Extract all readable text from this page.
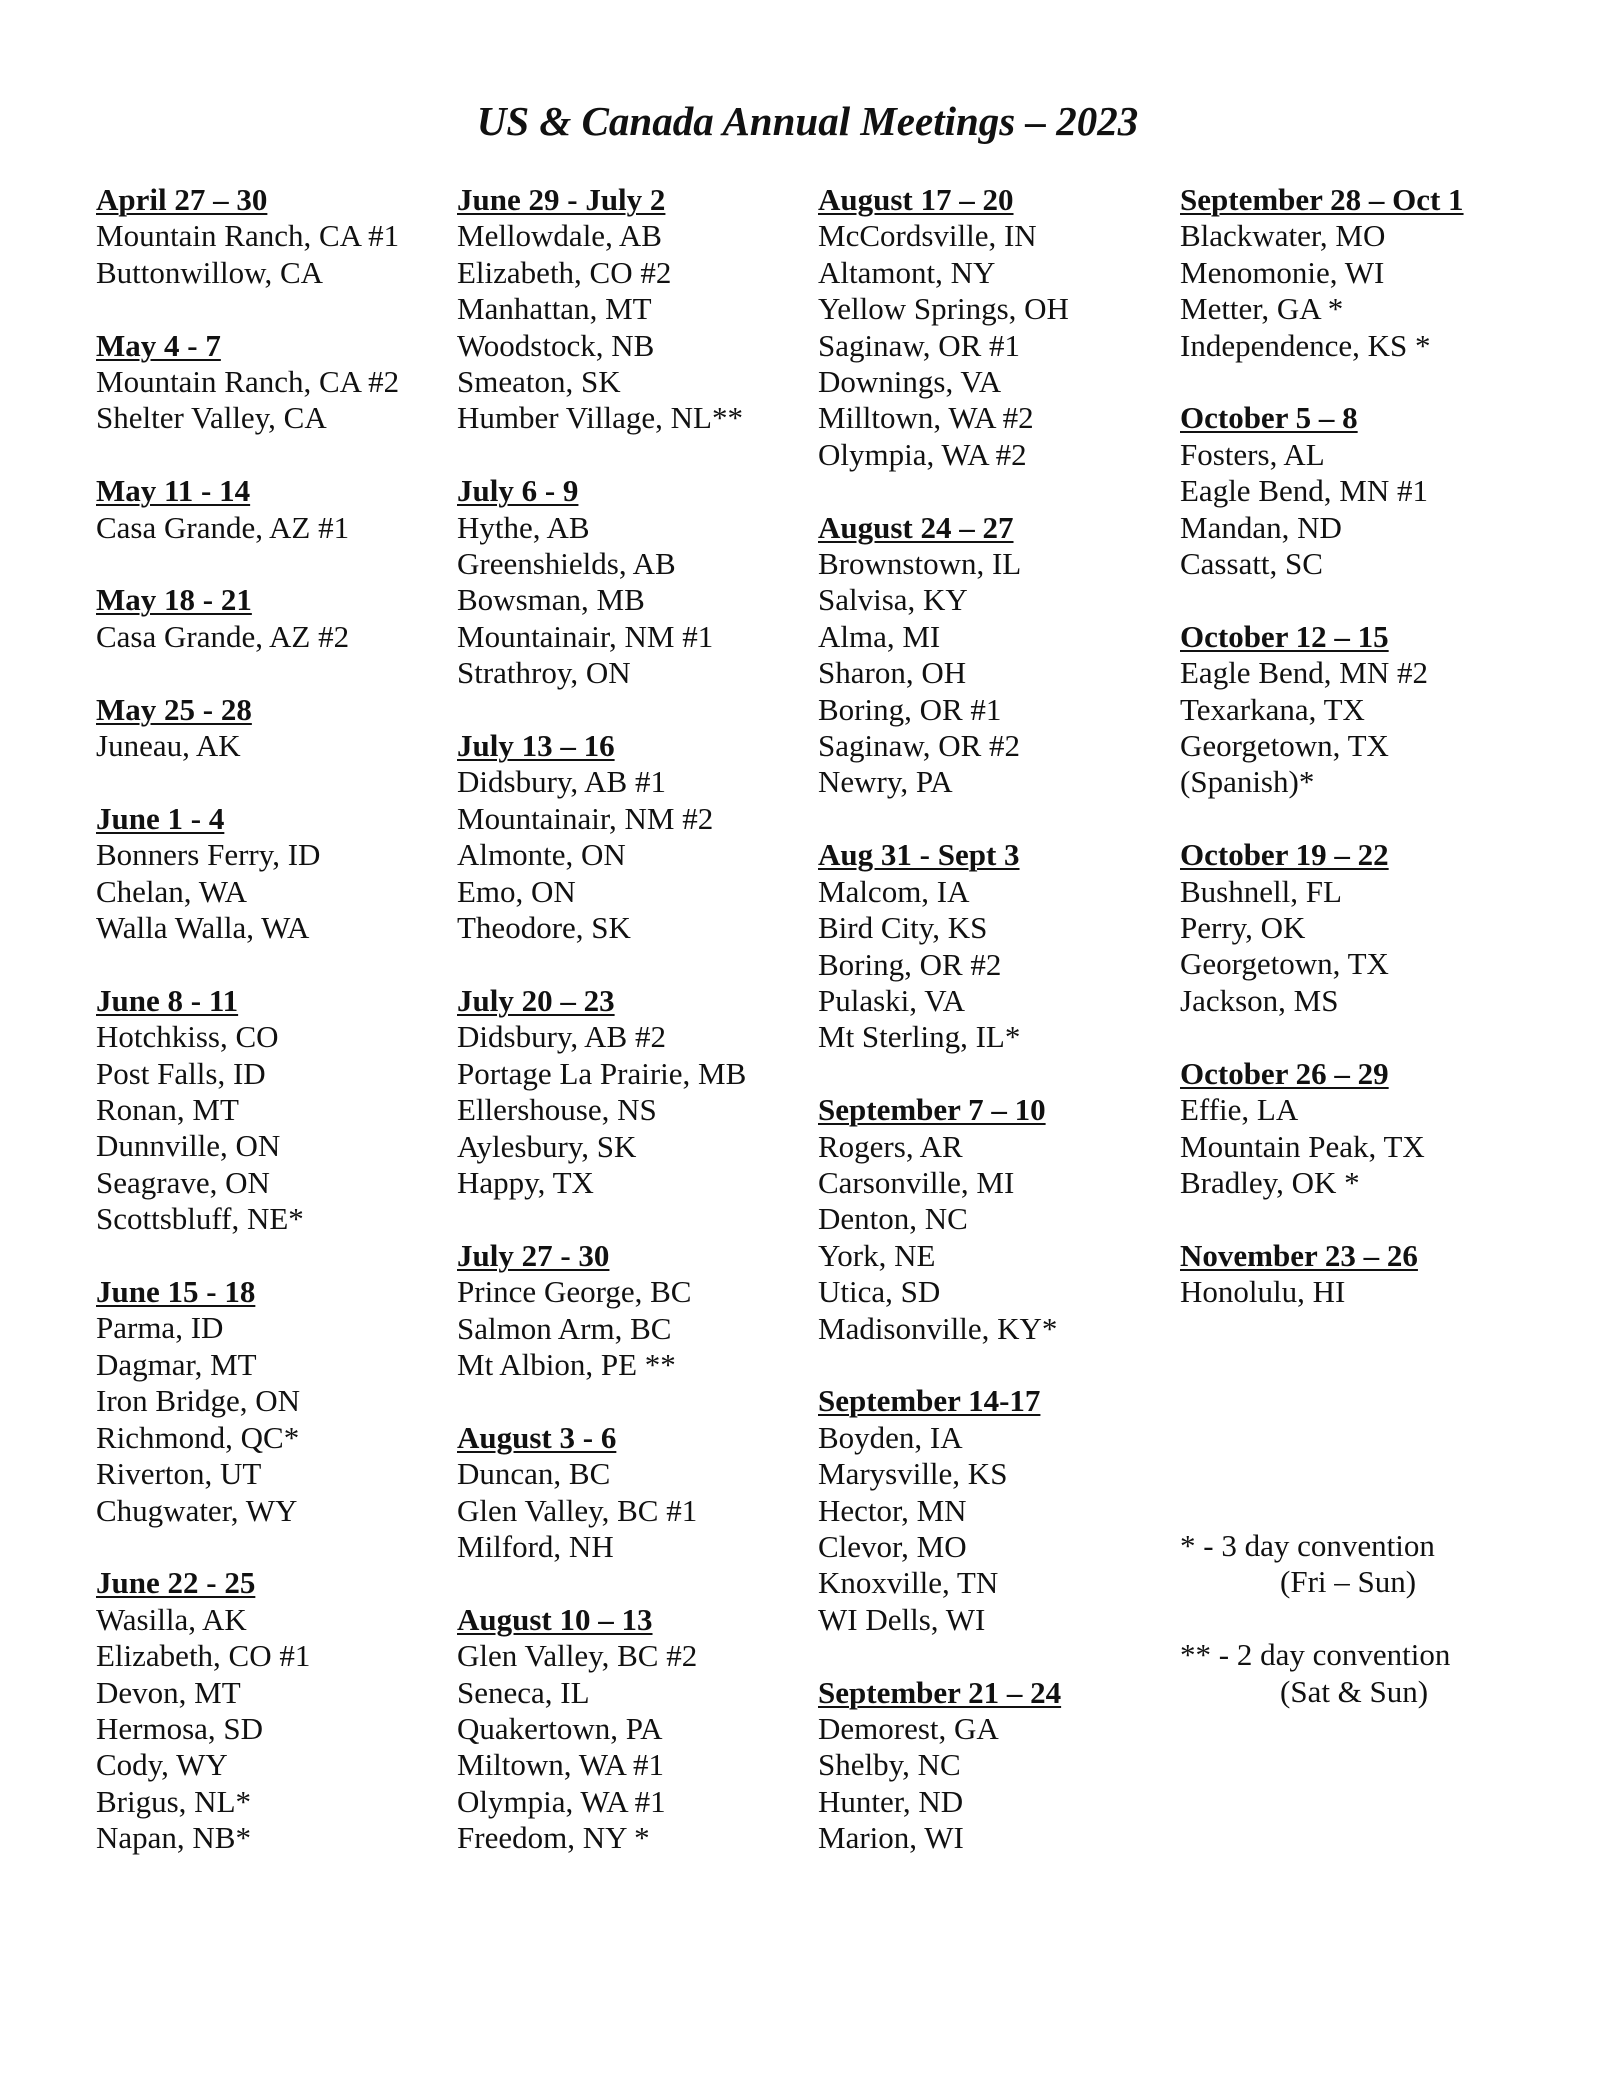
US & Canada Annual Meetings – 2023
April 27 – 30
Mountain Ranch, CA #1
Buttonwillow, CA
May 4 - 7
Mountain Ranch, CA #2
Shelter Valley, CA
May 11 - 14
Casa Grande, AZ #1
May 18 - 21
Casa Grande, AZ #2
May 25 - 28
Juneau, AK
June 1 - 4
Bonners Ferry, ID
Chelan, WA
Walla Walla, WA
June 8 - 11
Hotchkiss, CO
Post Falls, ID
Ronan, MT
Dunnville, ON
Seagrave, ON
Scottsbluff, NE*
June 15 - 18
Parma, ID
Dagmar, MT
Iron Bridge, ON
Richmond, QC*
Riverton, UT
Chugwater, WY
June 22 - 25
Wasilla, AK
Elizabeth, CO #1
Devon, MT
Hermosa, SD
Cody, WY
Brigus, NL*
Napan, NB*
June 29 - July 2
Mellowdale, AB
Elizabeth, CO #2
Manhattan, MT
Woodstock, NB
Smeaton, SK
Humber Village, NL**
July 6 - 9
Hythe, AB
Greenshields, AB
Bowsman, MB
Mountainair, NM #1
Strathroy, ON
July 13 – 16
Didsbury, AB #1
Mountainair, NM #2
Almonte, ON
Emo, ON
Theodore, SK
July 20 – 23
Didsbury, AB #2
Portage La Prairie, MB
Ellershouse, NS
Aylesbury, SK
Happy, TX
July 27 - 30
Prince George, BC
Salmon Arm, BC
Mt Albion, PE **
August 3 - 6
Duncan, BC
Glen Valley, BC #1
Milford, NH
August 10 – 13
Glen Valley, BC #2
Seneca, IL
Quakertown, PA
Miltown, WA #1
Olympia, WA #1
Freedom, NY *
August 17 – 20
McCordsville, IN
Altamont, NY
Yellow Springs, OH
Saginaw, OR #1
Downings, VA
Milltown, WA #2
Olympia, WA #2
August 24 – 27
Brownstown, IL
Salvisa, KY
Alma, MI
Sharon, OH
Boring, OR #1
Saginaw, OR #2
Newry, PA
Aug 31 - Sept 3
Malcom, IA
Bird City, KS
Boring, OR #2
Pulaski, VA
Mt Sterling, IL*
September 7 – 10
Rogers, AR
Carsonville, MI
Denton, NC
York, NE
Utica, SD
Madisonville, KY*
September 14-17
Boyden, IA
Marysville, KS
Hector, MN
Clevor, MO
Knoxville, TN
WI Dells, WI
September 21 – 24
Demorest, GA
Shelby, NC
Hunter, ND
Marion, WI
September 28 – Oct 1
Blackwater, MO
Menomonie, WI
Metter, GA *
Independence, KS *
October 5 – 8
Fosters, AL
Eagle Bend, MN #1
Mandan, ND
Cassatt, SC
October 12 – 15
Eagle Bend, MN #2
Texarkana, TX
Georgetown, TX
(Spanish)*
October 19 – 22
Bushnell, FL
Perry, OK
Georgetown, TX
Jackson, MS
October 26 – 29
Effie, LA
Mountain Peak, TX
Bradley, OK *
November 23 – 26
Honolulu, HI
* - 3 day convention
(Fri – Sun)
** - 2 day convention
(Sat & Sun)
